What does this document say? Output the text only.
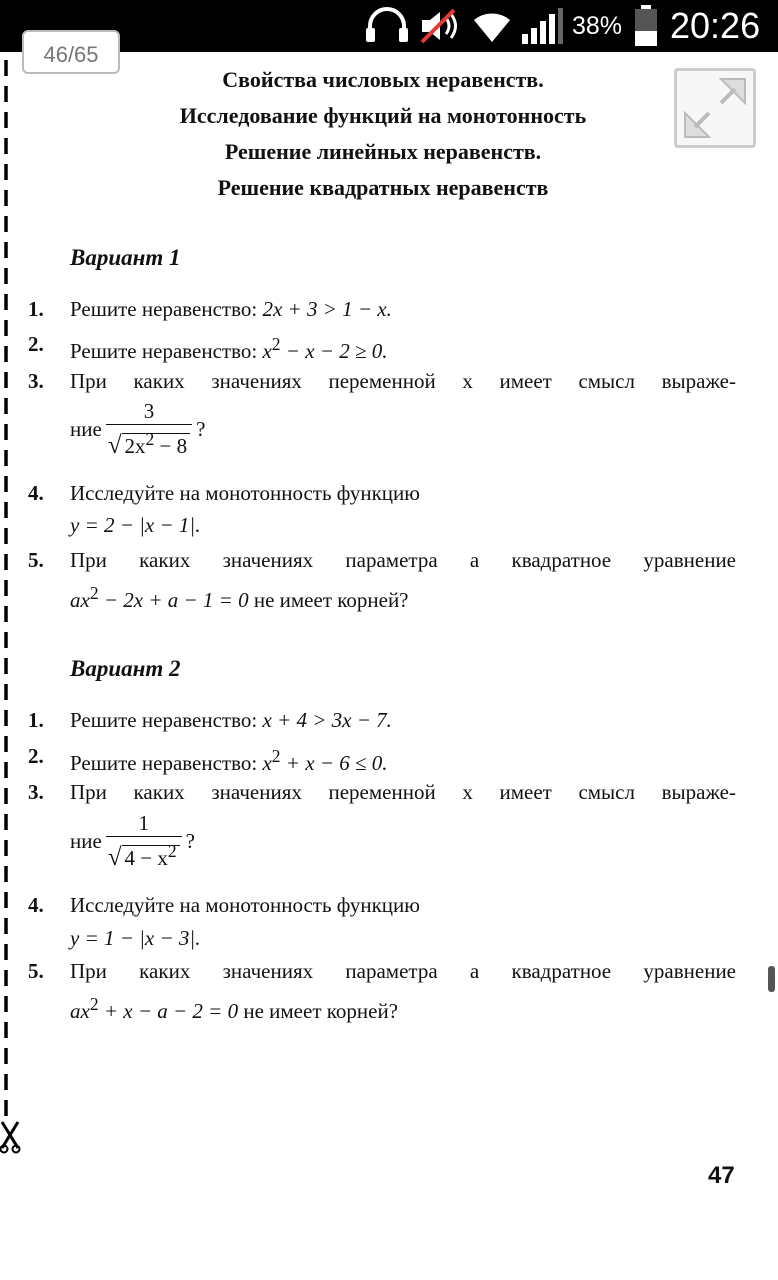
38% 20:26
46/65
Свойства числовых неравенств.
Исследование функций на монотонность
Решение линейных неравенств.
Решение квадратных неравенств
Вариант 1
1. Решите неравенство: 2x + 3 > 1 − x.
2. Решите неравенство: $x^2 - x - 2 \ge 0$.
3. При каких значениях переменной x имеет смысл выраже-
ние $\frac{3}{√ 2x^2 - 8}$ ?
4. Исследуйте на монотонность функцию
y = 2 − |x − 1|.
5. При каких значениях параметра a квадратное уравнение
$ax^2 - 2x + a - 1 = 0$ не имеет корней?
Вариант 2
1. Решите неравенство: x + 4 > 3x − 7.
2. Решите неравенство: $x^2 + x - 6 \le 0$.
3. При каких значениях переменной x имеет смысл выраже-
ние $\frac{1}{√ 4 - x^2}$ ?
4. Исследуйте на монотонность функцию
y = 1 − |x − 3|.
5. При каких значениях параметра a квадратное уравнение
$ax^2 + x - a - 2 = 0$ не имеет корней?
47
